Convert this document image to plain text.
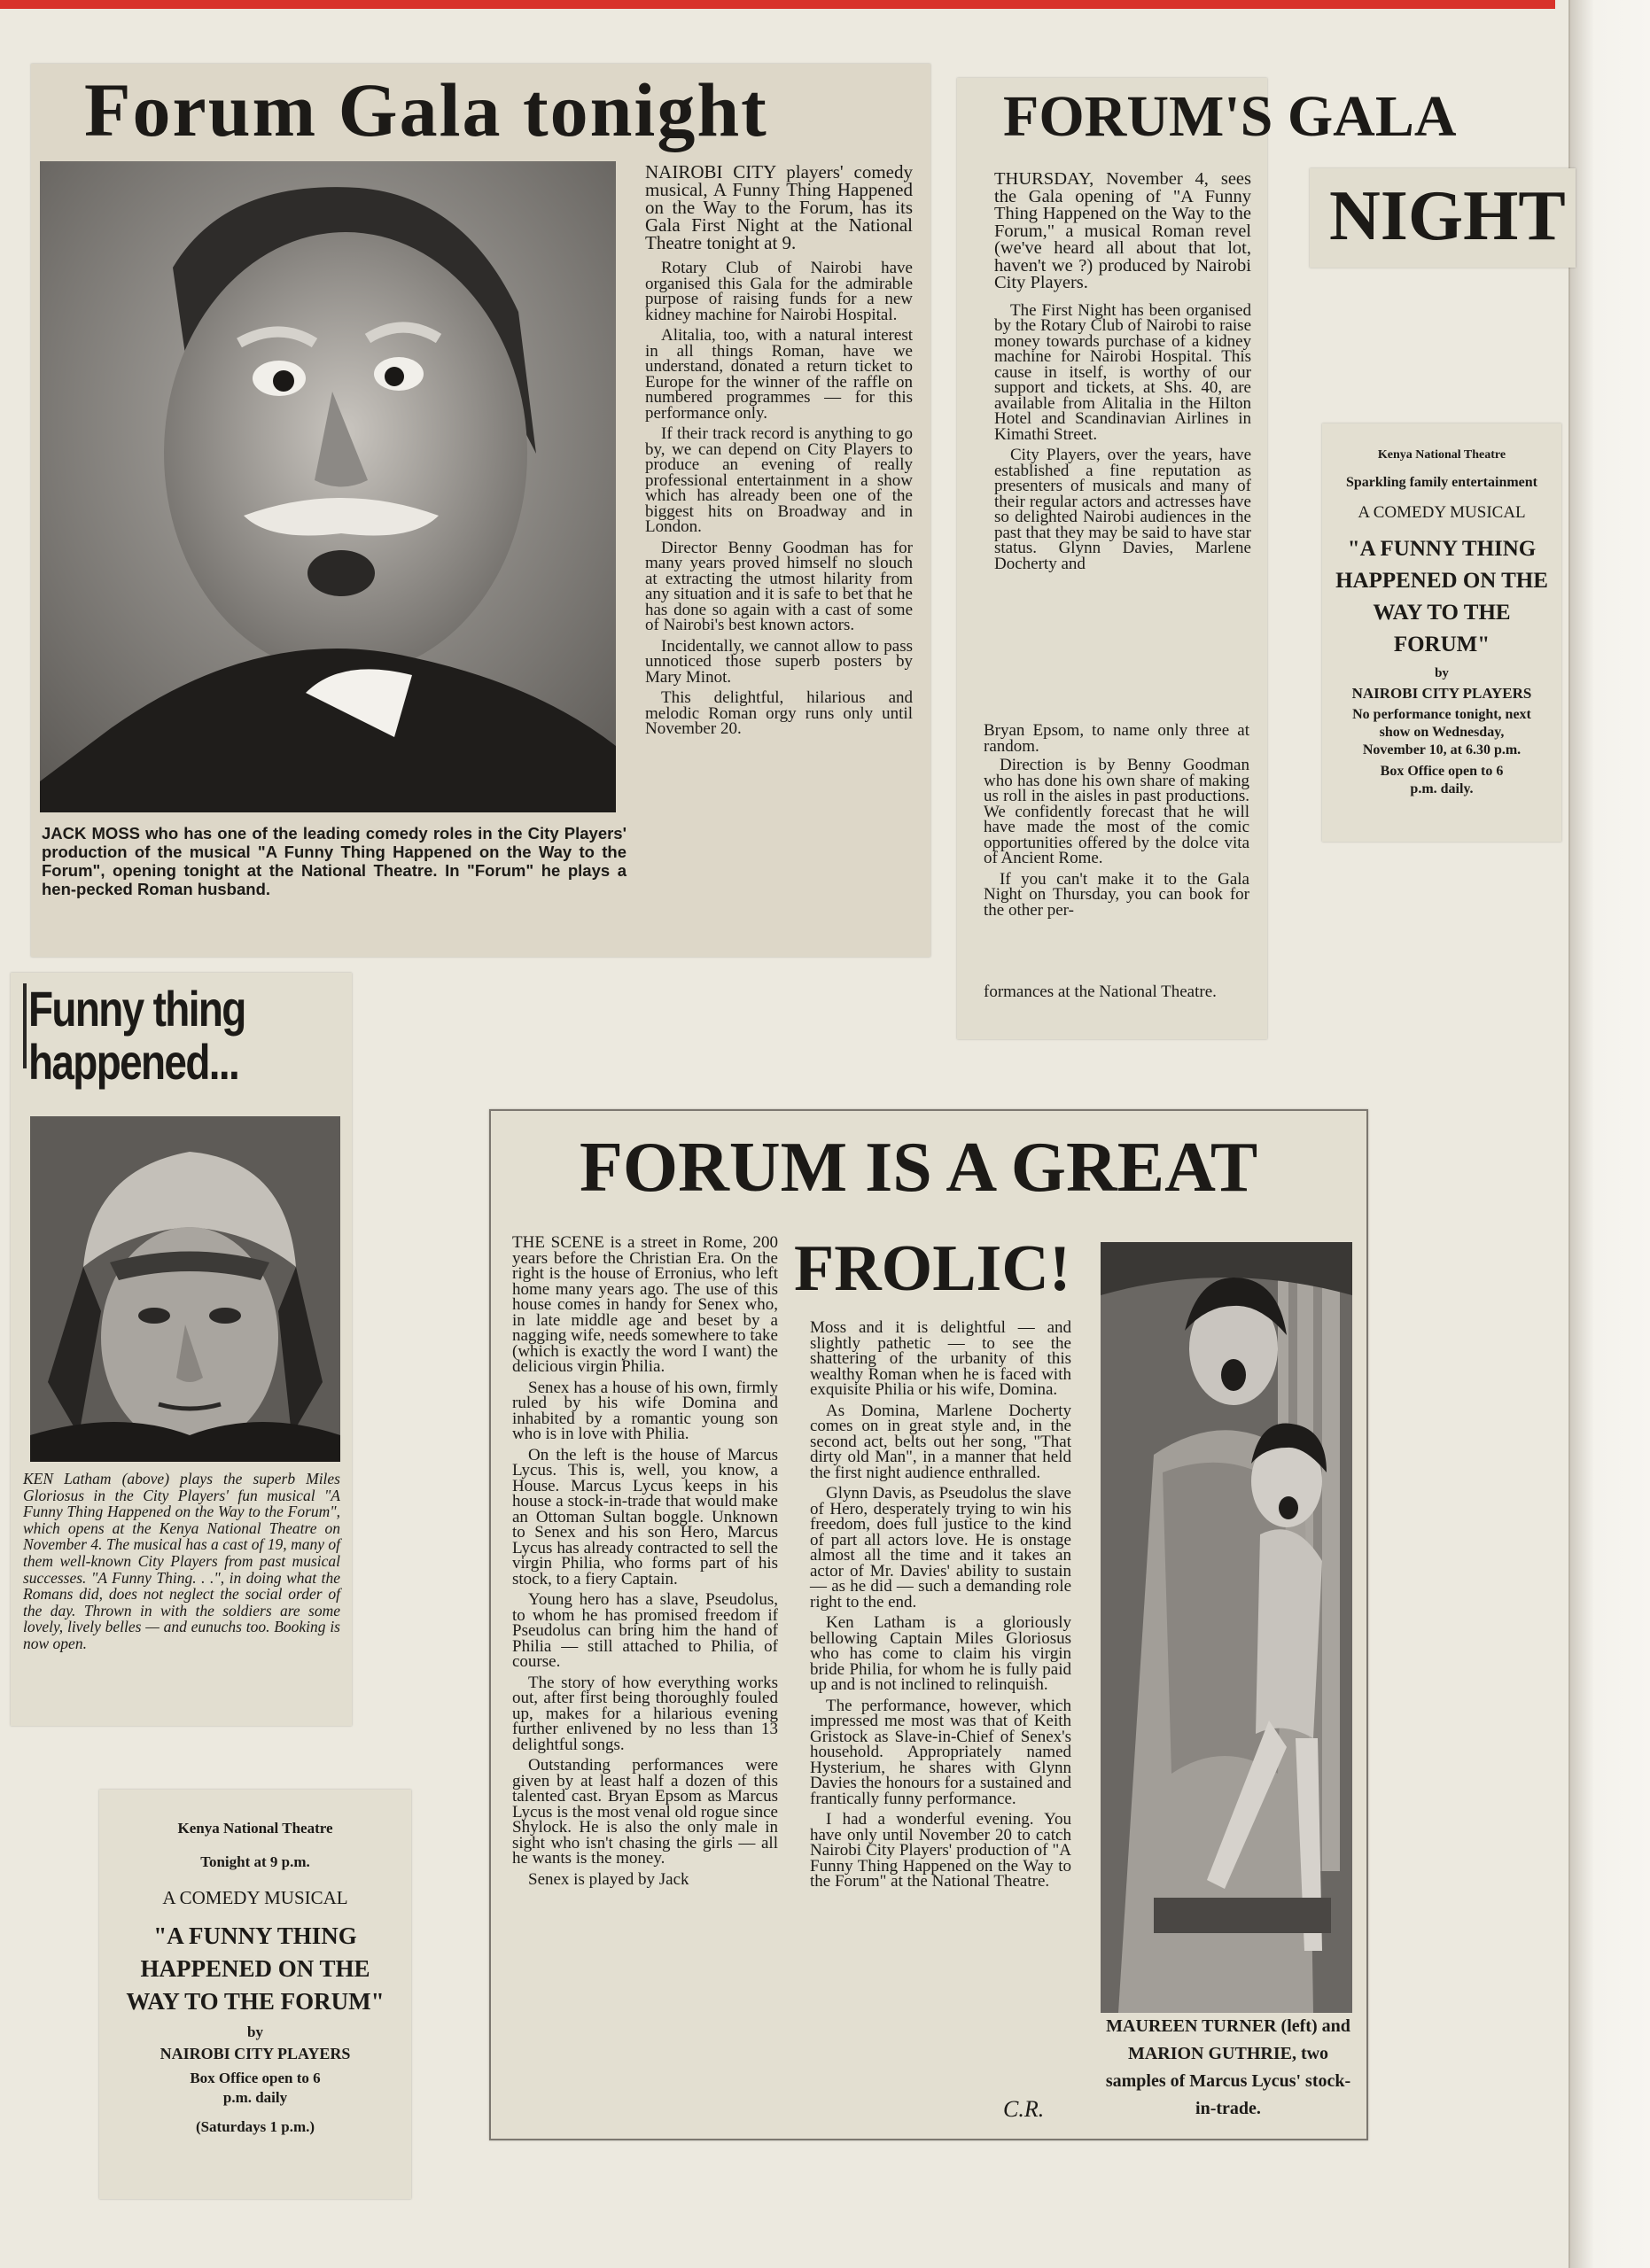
Forum Gala tonight
JACK MOSS who has one of the leading comedy roles in the City Players' production of the musical "A Funny Thing Happened on the Way to the Forum", opening tonight at the National Theatre. In "Forum" he plays a hen-pecked Roman husband.
NAIROBI CITY players' comedy musical, A Funny Thing Happened on the Way to the Forum, has its Gala First Night at the National Theatre tonight at 9.

Rotary Club of Nairobi have organised this Gala for the admirable purpose of raising funds for a new kidney machine for Nairobi Hospital.

Alitalia, too, with a natural interest in all things Roman, have we understand, donated a return ticket to Europe for the winner of the raffle on numbered programmes — for this performance only.

If their track record is anything to go by, we can depend on City Players to produce an evening of really professional entertainment in a show which has already been one of the biggest hits on Broadway and in London.

Director Benny Goodman has for many years proved himself no slouch at extracting the utmost hilarity from any situation and it is safe to bet that he has done so again with a cast of some of Nairobi's best known actors.

Incidentally, we cannot allow to pass unnoticed those superb posters by Mary Minot.

This delightful, hilarious and melodic Roman orgy runs only until November 20.

FORUM'S GALA
THURSDAY, November 4, sees the Gala opening of "A Funny Thing Happened on the Way to the Forum," a musical Roman revel (we've heard all about that lot, haven't we ?) produced by Nairobi City Players.

The First Night has been organised by the Rotary Club of Nairobi to raise money towards purchase of a kidney machine for Nairobi Hospital. This cause in itself, is worthy of our support and tickets, at Shs. 40, are available from Alitalia in the Hilton Hotel and Scandinavian Airlines in Kimathi Street.

City Players, over the years, have established a fine reputation as presenters of musicals and many of their regular actors and actresses have so delighted Nairobi audiences in the past that they may be said to have star status. Glynn Davies, Marlene Docherty and

Bryan Epsom, to name only three at random.

Direction is by Benny Goodman who has done his own share of making us roll in the aisles in past productions. We confidently forecast that he will have made the most of the comic opportunities offered by the dolce vita of Ancient Rome.

If you can't make it to the Gala Night on Thursday, you can book for the other per-

formances at the National Theatre.
NIGHT
Kenya National Theatre
Sparkling family entertainment
A COMEDY MUSICAL
"A FUNNY THING HAPPENED ON THE WAY TO THE FORUM"
by
NAIROBI CITY PLAYERS
No performance tonight, next show on Wednesday, November 10, at 6.30 p.m.
Box Office open to 6 p.m. daily.
Funny thing
happened...
KEN Latham (above) plays the superb Miles Gloriosus in the City Players' fun musical "A Funny Thing Happened on the Way to the Forum", which opens at the Kenya National Theatre on November 4. The musical has a cast of 19, many of them well-known City Players from past musical successes. "A Funny Thing. . .", in doing what the Romans did, does not neglect the social order of the day. Thrown in with the soldiers are some lovely, lively belles — and eunuchs too. Booking is now open.
Kenya National Theatre
Tonight at 9 p.m.
A COMEDY MUSICAL
"A FUNNY THING HAPPENED ON THE WAY TO THE FORUM"
by
NAIROBI CITY PLAYERS
Box Office open to 6 p.m. daily
(Saturdays 1 p.m.)
FORUM IS A GREAT
FROLIC!

THE SCENE is a street in Rome, 200 years before the Christian Era. On the right is the house of Erronius, who left home many years ago. The use of this house comes in handy for Senex who, in late middle age and beset by a nagging wife, needs somewhere to take (which is exactly the word I want) the delicious virgin Philia.

Senex has a house of his own, firmly ruled by his wife Domina and inhabited by a romantic young son who is in love with Philia.

On the left is the house of Marcus Lycus. This is, well, you know, a House. Marcus Lycus keeps in his house a stock-in-trade that would make an Ottoman Sultan boggle. Unknown to Senex and his son Hero, Marcus Lycus has already contracted to sell the virgin Philia, who forms part of his stock, to a fiery Captain.

Young hero has a slave, Pseudolus, to whom he has promised freedom if Pseudolus can bring him the hand of Philia — still attached to Philia, of course.

The story of how everything works out, after first being thoroughly fouled up, makes for a hilarious evening further enlivened by no less than 13 delightful songs.

Outstanding performances were given by at least half a dozen of this talented cast. Bryan Epsom as Marcus Lycus is the most venal old rogue since Shylock. He is also the only male in sight who isn't chasing the girls — all he wants is the money.

Senex is played by Jack

Moss and it is delightful — and slightly pathetic — to see the shattering of the urbanity of this wealthy Roman when he is faced with exquisite Philia or his wife, Domina.

As Domina, Marlene Docherty comes on in great style and, in the second act, belts out her song, "That dirty old Man", in a manner that held the first night audience enthralled.

Glynn Davis, as Pseudolus the slave of Hero, desperately trying to win his freedom, does full justice to the kind of part all actors love. He is onstage almost all the time and it takes an actor of Mr. Davies' ability to sustain — as he did — such a demanding role right to the end.

Ken Latham is a gloriously bellowing Captain Miles Gloriosus who has come to claim his virgin bride Philia, for whom he is fully paid up and is not inclined to relinquish.

The performance, however, which impressed me most was that of Keith Gristock as Slave-in-Chief of Senex's household. Appropriately named Hysterium, he shares with Glynn Davies the honours for a sustained and frantically funny performance.

I had a wonderful evening. You have only until November 20 to catch Nairobi City Players' production of "A Funny Thing Happened on the Way to the Forum" at the National Theatre.

C.R.
MAUREEN TURNER (left) and MARION GUTHRIE, two samples of Marcus Lycus' stock-in-trade.
